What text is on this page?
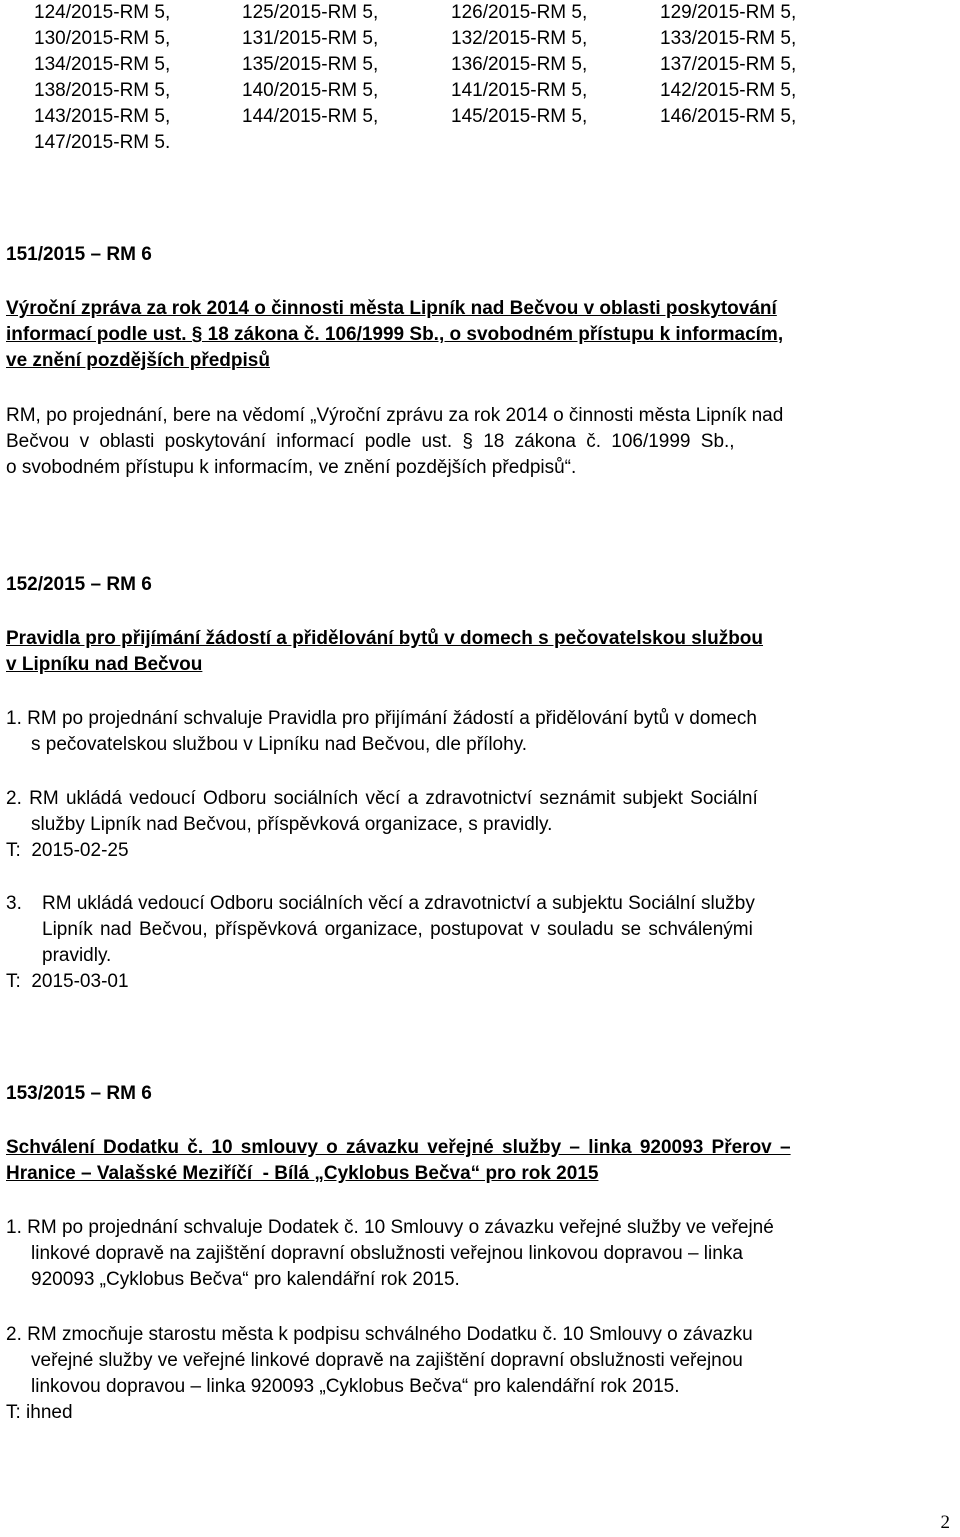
124/2015-RM 5,	125/2015-RM 5,	126/2015-RM 5,	129/2015-RM 5,
130/2015-RM 5,	131/2015-RM 5,	132/2015-RM 5,	133/2015-RM 5,
134/2015-RM 5,	135/2015-RM 5,	136/2015-RM 5,	137/2015-RM 5,
138/2015-RM 5,	140/2015-RM 5,	141/2015-RM 5,	142/2015-RM 5,
143/2015-RM 5,	144/2015-RM 5,	145/2015-RM 5,	146/2015-RM 5,
147/2015-RM 5.
151/2015 – RM 6
Výroční zpráva za rok 2014 o činnosti města Lipník nad Bečvou v oblasti poskytování
informací podle ust. § 18 zákona č. 106/1999 Sb., o svobodném přístupu k informacím,
ve znění pozdějších předpisů
RM, po projednání, bere na vědomí „Výroční zprávu za rok 2014 o činnosti města Lipník nad
Bečvou v oblasti poskytování informací podle ust. § 18 zákona č. 106/1999 Sb.,
o svobodném přístupu k informacím, ve znění pozdějších předpisů“.
152/2015 – RM 6
Pravidla pro přijímání žádostí a přidělování bytů v domech s pečovatelskou službou
v Lipníku nad Bečvou
1. RM po projednání schvaluje Pravidla pro přijímání žádostí a přidělování bytů v domech
s pečovatelskou službou v Lipníku nad Bečvou, dle přílohy.
2. RM ukládá vedoucí Odboru sociálních věcí a zdravotnictví seznámit subjekt Sociální
služby Lipník nad Bečvou, příspěvková organizace, s pravidly.
T:  2015-02-25
3. RM ukládá vedoucí Odboru sociálních věcí a zdravotnictví a subjektu Sociální služby
Lipník nad Bečvou, příspěvková organizace, postupovat v souladu se schválenými
pravidly.
T:  2015-03-01
153/2015 – RM 6
Schválení Dodatku č. 10 smlouvy o závazku veřejné služby – linka 920093 Přerov –
Hranice – Valašské Meziříčí  - Bílá „Cyklobus Bečva“ pro rok 2015
1. RM po projednání schvaluje Dodatek č. 10 Smlouvy o závazku veřejné služby ve veřejné
linkové dopravě na zajištění dopravní obslužnosti veřejnou linkovou dopravou – linka
920093 „Cyklobus Bečva“ pro kalendářní rok 2015.
2. RM zmocňuje starostu města k podpisu schválného Dodatku č. 10 Smlouvy o závazku
veřejné služby ve veřejné linkové dopravě na zajištění dopravní obslužnosti veřejnou
linkovou dopravou – linka 920093 „Cyklobus Bečva“ pro kalendářní rok 2015.
T: ihned
2
